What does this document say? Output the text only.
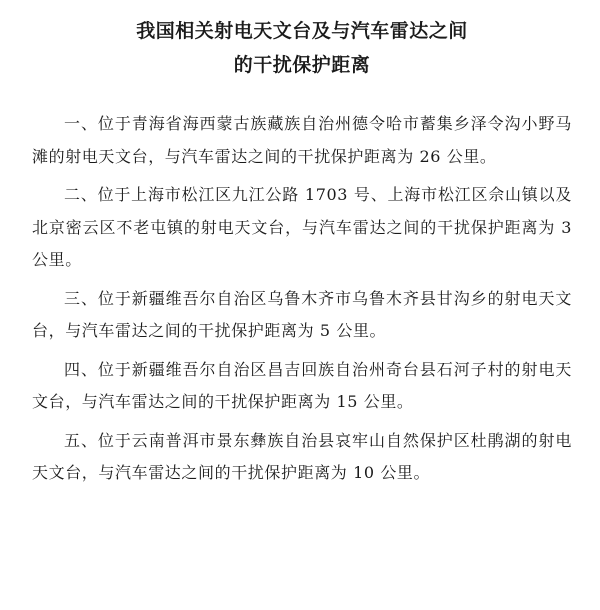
我国相关射电天文台及与汽车雷达之间
的干扰保护距离

一、位于青海省海西蒙古族藏族自治州德令哈市蓄集乡泽令沟小野马滩的射电天文台，与汽车雷达之间的干扰保护距离为 26 公里。

二、位于上海市松江区九江公路 1703 号、上海市松江区佘山镇以及北京密云区不老屯镇的射电天文台，与汽车雷达之间的干扰保护距离为 3 公里。

三、位于新疆维吾尔自治区乌鲁木齐市乌鲁木齐县甘沟乡的射电天文台，与汽车雷达之间的干扰保护距离为 5 公里。

四、位于新疆维吾尔自治区昌吉回族自治州奇台县石河子村的射电天文台，与汽车雷达之间的干扰保护距离为 15 公里。

五、位于云南普洱市景东彝族自治县哀牢山自然保护区杜鹃湖的射电天文台，与汽车雷达之间的干扰保护距离为 10 公里。
